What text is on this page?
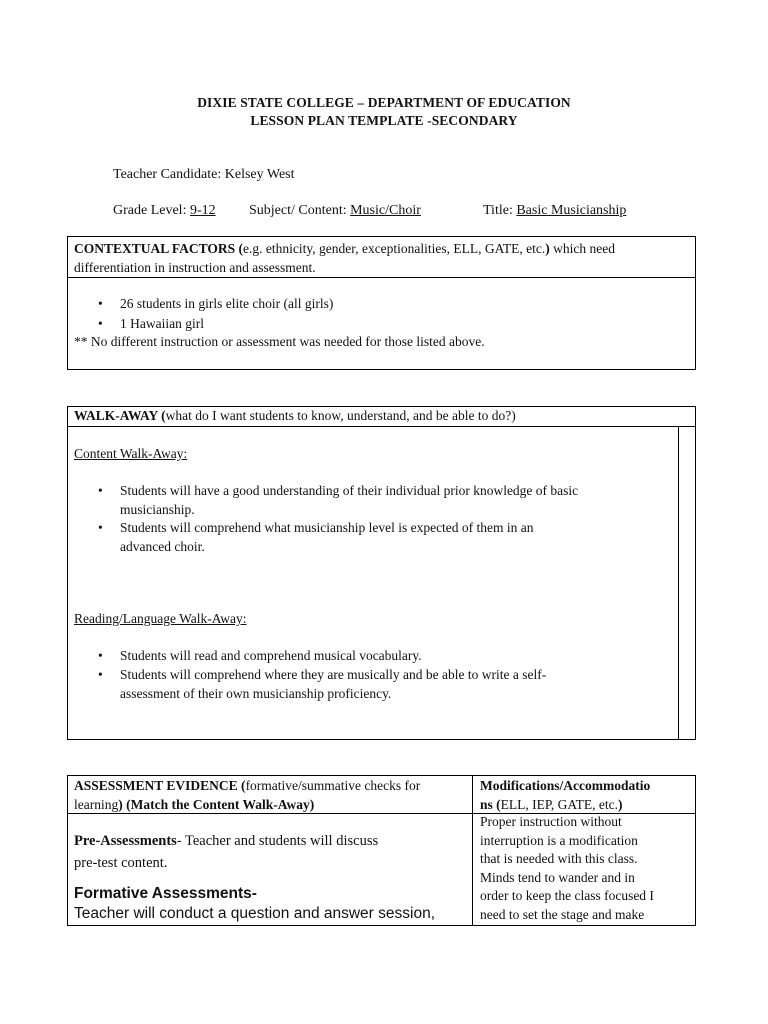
DIXIE STATE COLLEGE – DEPARTMENT OF EDUCATION
LESSON PLAN TEMPLATE -SECONDARY
Teacher Candidate: Kelsey West
Grade Level: 9-12 Subject/ Content: Music/Choir	Title: Basic Musicianship
CONTEXTUAL FACTORS (e.g. ethnicity, gender, exceptionalities, ELL, GATE, etc.) which need
differentiation in instruction and assessment.
• 26 students in girls elite choir (all girls)
• 1 Hawaiian girl
** No different instruction or assessment was needed for those listed above.
WALK-AWAY (what do I want students to know, understand, and be able to do?)
Content Walk-Away:
• Students will have a good understanding of their individual prior knowledge of basic
musicianship.
• Students will comprehend what musicianship level is expected of them in an
advanced choir.
Reading/Language Walk-Away:
• Students will read and comprehend musical vocabulary.
• Students will comprehend where they are musically and be able to write a self-
assessment of their own musicianship proficiency.
ASSESSMENT EVIDENCE (formative/summative checks for
learning) (Match the Content Walk-Away)
Modifications/Accommodatio
ns (ELL, IEP, GATE, etc.)
Pre-Assessments- Teacher and students will discuss
pre-test content.
Formative Assessments-
Teacher will conduct a question and answer session,
Proper instruction without
interruption is a modification
that is needed with this class.
Minds tend to wander and in
order to keep the class focused I
need to set the stage and make
